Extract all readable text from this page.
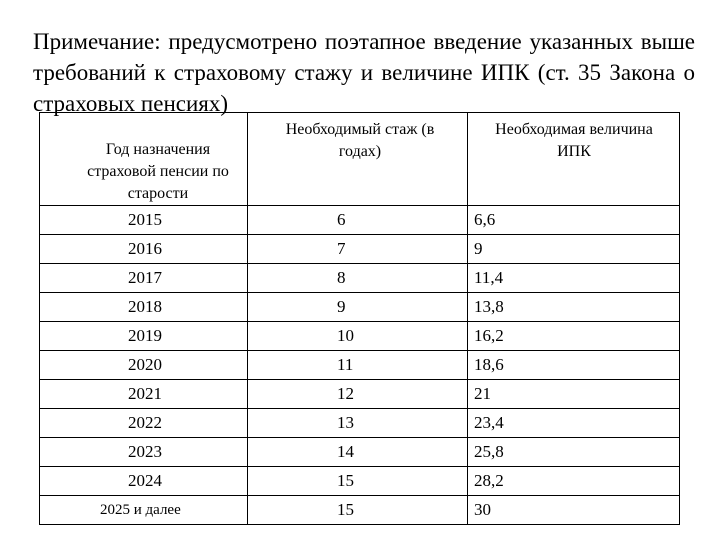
Примечание: предусмотрено поэтапное введение указанных выше требований к страховому стажу и величине ИПК (ст. 35 Закона о страховых пенсиях)
Год назначения страховой пенсии по старости	Необходимый стаж (в годах)	Необходимая величина ИПК

2015	6	6,6
2016	7	9
2017	8	11,4
2018	9	13,8
2019	10	16,2
2020	11	18,6
2021	12	21
2022	13	23,4
2023	14	25,8
2024	15	28,2
2025 и далее	15	30
